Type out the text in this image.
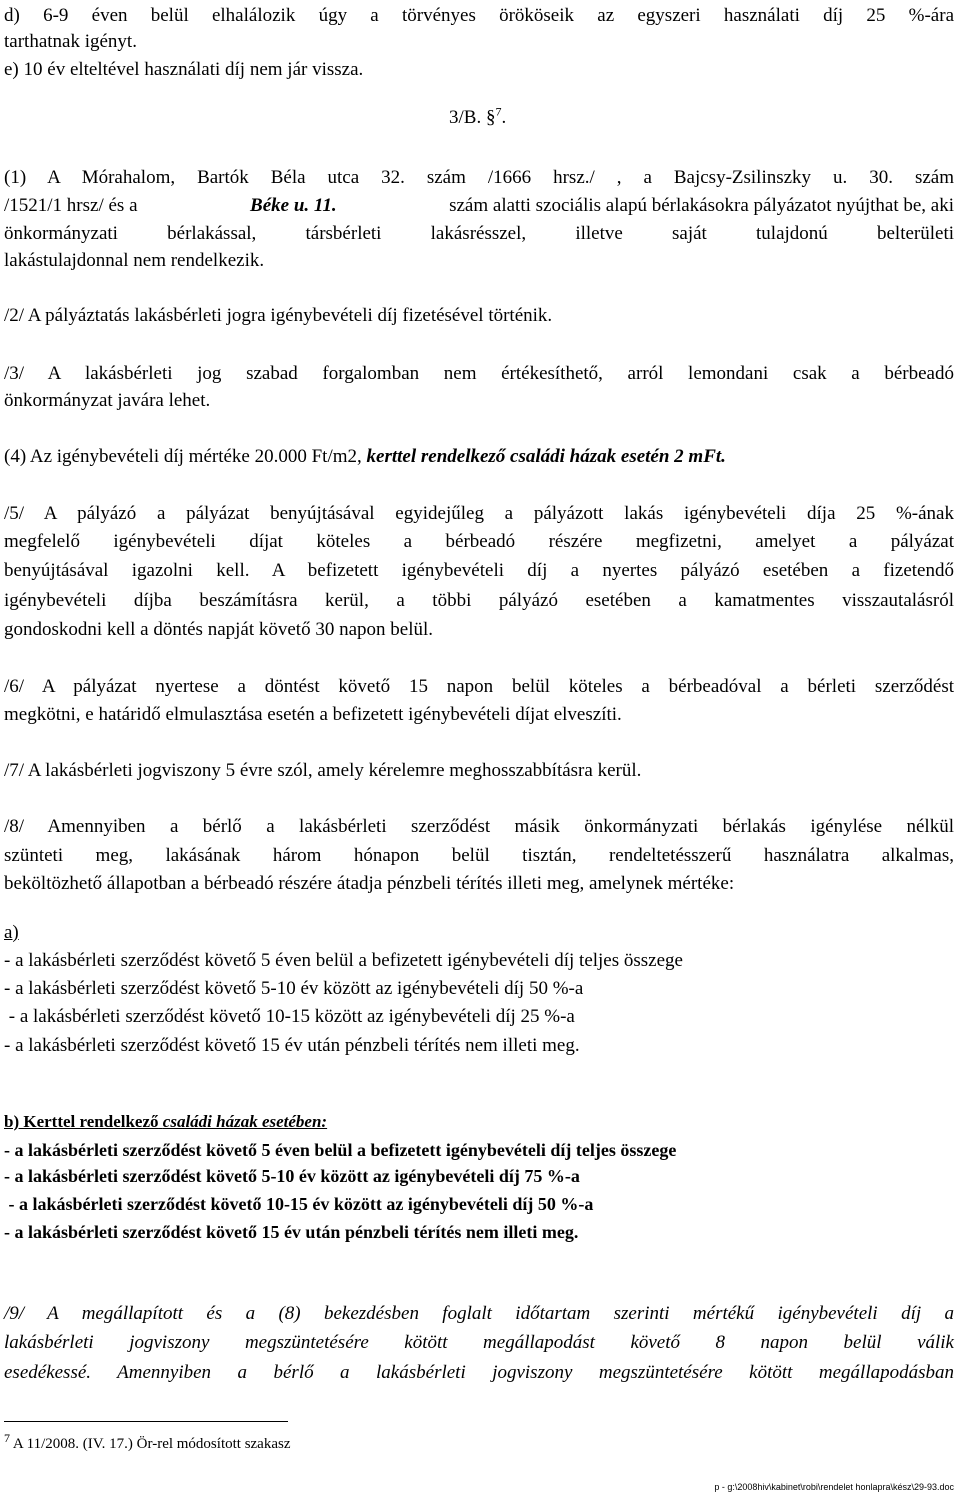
d) 6-9 éven belül elhalálozik úgy a törvényes örököseik az egyszeri használati díj 25 %-ára
tarthatnak igényt.
e) 10 év elteltével használati díj nem jár vissza.
3/B. §$^7$.
(1) A Mórahalom, Bartók Béla utca 32. szám /1666 hrsz./ , a Bajcsy-Zsilinszky u. 30. szám
/1521/1 hrsz/ és a	Béke u. 11.	szám alatti szociális alapú bérlakásokra pályázatot nyújthat be, aki
önkormányzati bérlakással, társbérleti lakásrésszel, illetve saját tulajdonú belterületi
lakástulajdonnal nem rendelkezik.
/2/ A pályáztatás lakásbérleti jogra igénybevételi díj fizetésével történik.
/3/ A lakásbérleti jog szabad forgalomban nem értékesíthető, arról lemondani csak a bérbeadó
önkormányzat javára lehet.
(4) Az igénybevételi díj mértéke 20.000 Ft/m2, kerttel rendelkező családi házak esetén 2 mFt.
/5/ A pályázó a pályázat benyújtásával egyidejűleg a pályázott lakás igénybevételi díja 25 %-ának
megfelelő igénybevételi díjat köteles a bérbeadó részére megfizetni, amelyet a pályázat
benyújtásával igazolni kell. A befizetett igénybevételi díj a nyertes pályázó esetében a fizetendő
igénybevételi díjba beszámításra kerül, a többi pályázó esetében a kamatmentes visszautalásról
gondoskodni kell a döntés napját követő 30 napon belül.
/6/ A pályázat nyertese a döntést követő 15 napon belül köteles a bérbeadóval a bérleti szerződést
megkötni, e határidő elmulasztása esetén a befizetett igénybevételi díjat elveszíti.
/7/ A lakásbérleti jogviszony 5 évre szól, amely kérelemre meghosszabbításra kerül.
/8/ Amennyiben a bérlő a lakásbérleti szerződést másik önkormányzati bérlakás igénylése nélkül
szünteti meg, lakásának három hónapon belül tisztán, rendeltetésszerű használatra alkalmas,
beköltözhető állapotban a bérbeadó részére átadja pénzbeli térítés illeti meg, amelynek mértéke:
a)
- a lakásbérleti szerződést követő 5 éven belül a befizetett igénybevételi díj teljes összege
- a lakásbérleti szerződést követő 5-10 év között az igénybevételi díj 50 %-a
- a lakásbérleti szerződést követő 10-15 között az igénybevételi díj 25 %-a
- a lakásbérleti szerződést követő 15 év után pénzbeli térítés nem illeti meg.
b) Kerttel rendelkező családi házak esetében:
- a lakásbérleti szerződést követő 5 éven belül a befizetett igénybevételi díj teljes összege
- a lakásbérleti szerződést követő 5-10 év között az igénybevételi díj 75 %-a
- a lakásbérleti szerződést követő 10-15 év között az igénybevételi díj 50 %-a
- a lakásbérleti szerződést követő 15 év után pénzbeli térítés nem illeti meg.
/9/ A megállapított és a (8) bekezdésben foglalt időtartam szerinti mértékű igénybevételi díj a
lakásbérleti jogviszony megszüntetésére kötött megállapodást követő 8 napon belül válik
esedékessé. Amennyiben a bérlő a lakásbérleti jogviszony megszüntetésére kötött megállapodásban
$^7$ A 11/2008. (IV. 17.) Ör-rel módosított szakasz
p - g:\2008hiv\kabinet\robi\rendelet honlapra\kész\29-93.doc
